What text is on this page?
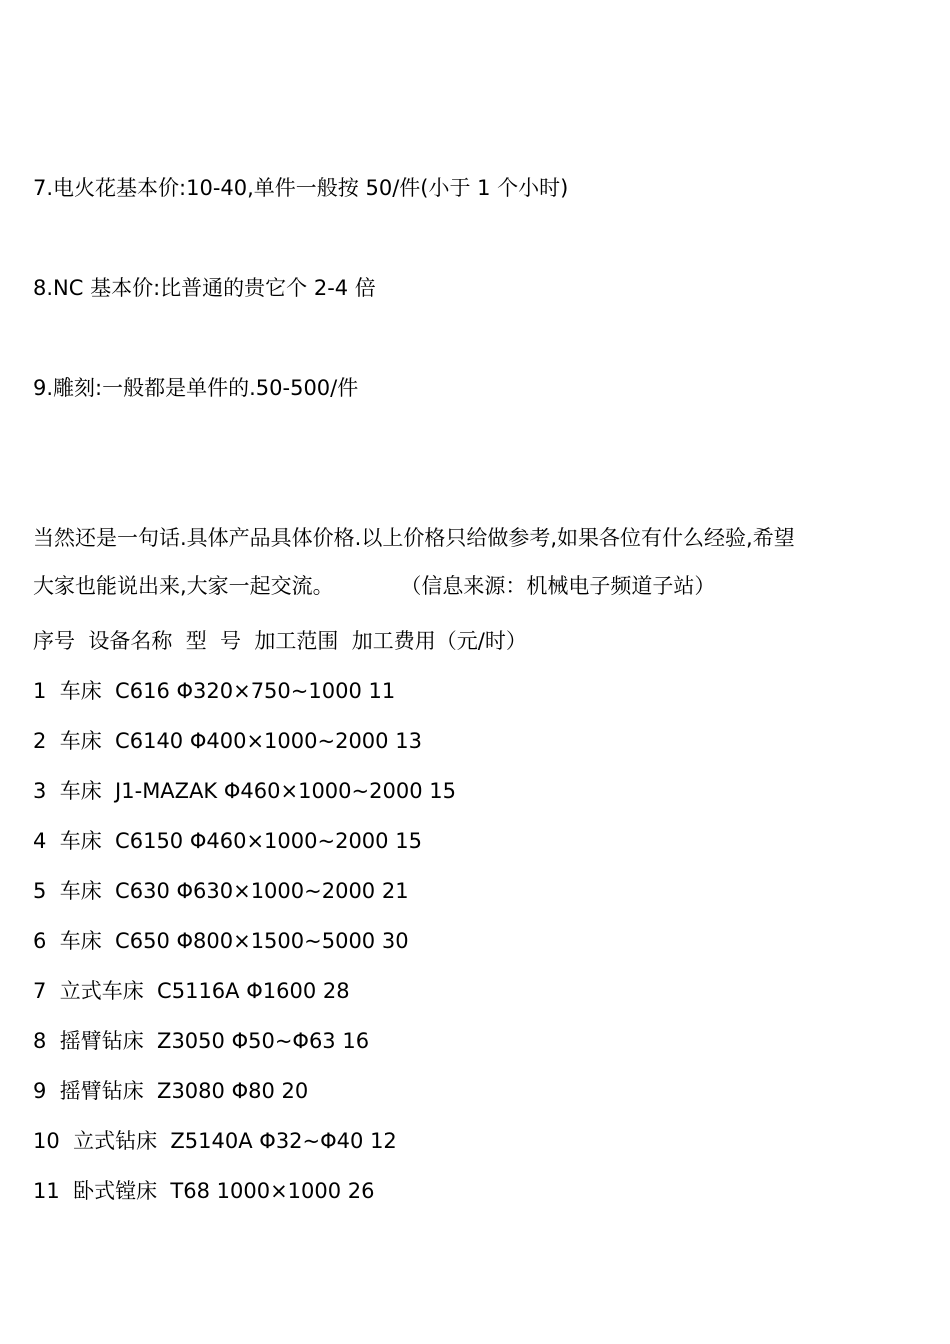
7.电火花基本价:10-40,单件一般按 50/件(小于 1 个小时)
8.NC 基本价:比普通的贵它个 2-4 倍
9.雕刻:一般都是单件的.50-500/件
当然还是一句话.具体产品具体价格.以上价格只给做参考,如果各位有什么经验,希望
大家也能说出来,大家一起交流。          （信息来源：机械电子频道子站）
序号  设备名称  型  号  加工范围  加工费用（元/时）
1  车床  C616 Φ320×750~1000 11
2  车床  C6140 Φ400×1000~2000 13
3  车床  J1-MAZAK Φ460×1000~2000 15
4  车床  C6150 Φ460×1000~2000 15
5  车床  C630 Φ630×1000~2000 21
6  车床  C650 Φ800×1500~5000 30
7  立式车床  C5116A Φ1600 28
8  摇臂钻床  Z3050 Φ50~Φ63 16
9  摇臂钻床  Z3080 Φ80 20
10  立式钻床  Z5140A Φ32~Φ40 12
11  卧式镗床  T68 1000×1000 26
